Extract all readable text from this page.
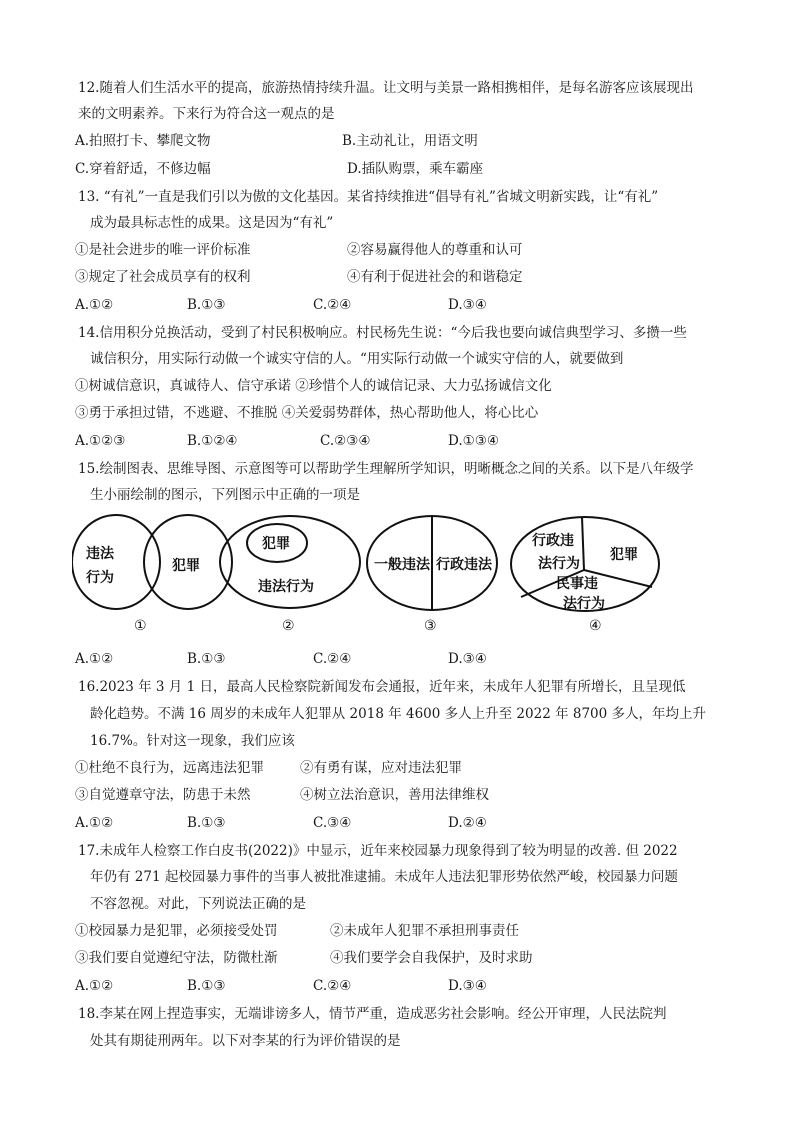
12.随着人们生活水平的提高，旅游热情持续升温。让文明与美景一路相携相伴，是每名游客应该展现出
来的文明素养。下来行为符合这一观点的是
A.拍照打卡、攀爬文物	B.主动礼让，用语文明
C.穿着舒适，不修边幅	D.插队购票，乘车霸座
13. “有礼”一直是我们引以为傲的文化基因。某省持续推进“倡导有礼”省城文明新实践，让“有礼”
成为最具标志性的成果。这是因为“有礼”
①是社会进步的唯一评价标准	②容易赢得他人的尊重和认可
③规定了社会成员享有的权利	④有利于促进社会的和谐稳定
A.①②	B.①③	C.②④	D.③④
14.信用积分兑换活动，受到了村民积极响应。村民杨先生说：“今后我也要向诚信典型学习、多攒一些
诚信积分，用实际行动做一个诚实守信的人。“用实际行动做一个诚实守信的人，就要做到
①树诚信意识，真诚待人、信守承诺 ②珍惜个人的诚信记录、大力弘扬诚信文化
③勇于承担过错，不逃避、不推脱 ④关爱弱势群体，热心帮助他人，将心比心
A.①②③	B.①②④	C.②③④	D.①③④
15.绘制图表、思维导图、示意图等可以帮助学生理解所学知识，明晰概念之间的关系。以下是八年级学
生小丽绘制的图示，下列图示中正确的一项是
违法
行为
犯罪
①
犯罪
违法行为
②
一般违法 行政违法
③
行政违
法行为
犯罪
民事违
法行为
④
A.①②	B.①③	C.②④	D.③④
16.2023 年 3 月 1 日，最高人民检察院新闻发布会通报，近年来，未成年人犯罪有所增长，且呈现低
龄化趋势。不满 16 周岁的未成年人犯罪从 2018 年 4600 多人上升至 2022 年 8700 多人，年均上升
16.7%。针对这一现象，我们应该
①杜绝不良行为，远离违法犯罪	②有勇有谋，应对违法犯罪
③自觉遵章守法，防患于未然	④树立法治意识，善用法律维权
A.①②	B.①③	C.③④	D.②④
17.未成年人检察工作白皮书(2022)》中显示，近年来校园暴力现象得到了较为明显的改善. 但 2022
年仍有 271 起校园暴力事件的当事人被批准逮捕。未成年人违法犯罪形势依然严峻，校园暴力问题
不容忽视。对此，下列说法正确的是
①校园暴力是犯罪，必须接受处罚	②未成年人犯罪不承担刑事责任
③我们要自觉遵纪守法，防微杜渐	④我们要学会自我保护，及时求助
A.①②	B.①③	C.②④	D.③④
18.李某在网上捏造事实，无端诽谤多人，情节严重，造成恶劣社会影响。经公开审理，人民法院判
处其有期徒刑两年。以下对李某的行为评价错误的是
